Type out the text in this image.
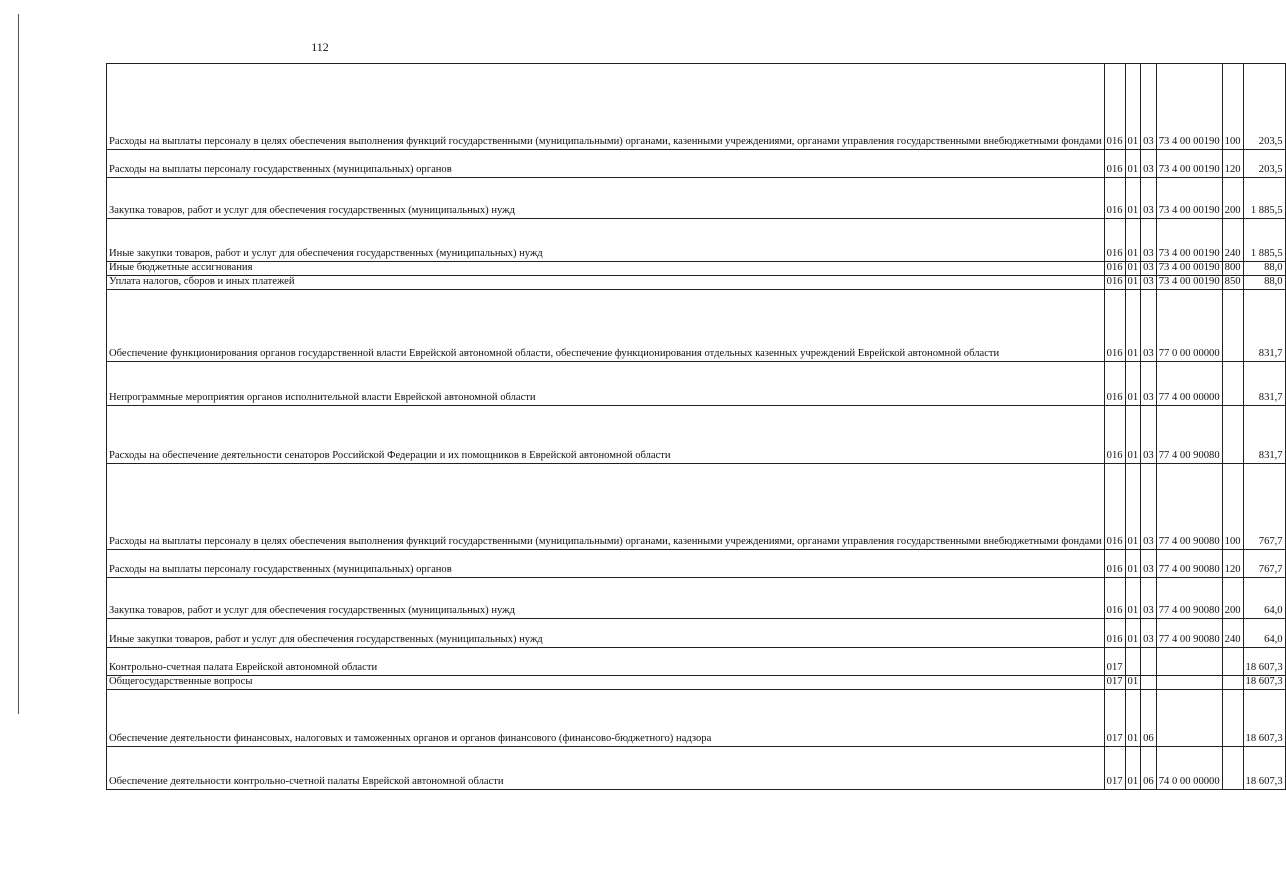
112
Расходы на выплаты персоналу в целях обеспечения выполнения функций государственными (муниципальными) органами, казенными учреждениями, органами управления государственными внебюджетными фондами	016	01	03	73 4 00 00190	100	203,5
Расходы на выплаты персоналу государственных (муниципальных) органов	016	01	03	73 4 00 00190	120	203,5
Закупка товаров, работ и услуг для обеспечения государственных (муниципальных) нужд	016	01	03	73 4 00 00190	200	1 885,5
Иные закупки товаров, работ и услуг для обеспечения государственных (муниципальных) нужд	016	01	03	73 4 00 00190	240	1 885,5
Иные бюджетные ассигнования	016	01	03	73 4 00 00190	800	88,0
Уплата налогов, сборов и иных платежей	016	01	03	73 4 00 00190	850	88,0
Обеспечение функционирования органов государственной власти Еврейской автономной области, обеспечение функционирования отдельных казенных учреждений Еврейской автономной области	016	01	03	77 0 00 00000		831,7
Непрограммные мероприятия органов исполнительной власти Еврейской автономной области	016	01	03	77 4 00 00000		831,7
Расходы на обеспечение деятельности сенаторов Российской Федерации и их помощников в Еврейской автономной области	016	01	03	77 4 00 90080		831,7
Расходы на выплаты персоналу в целях обеспечения выполнения функций государственными (муниципальными) органами, казенными учреждениями, органами управления государственными внебюджетными фондами	016	01	03	77 4 00 90080	100	767,7
Расходы на выплаты персоналу государственных (муниципальных) органов	016	01	03	77 4 00 90080	120	767,7
Закупка товаров, работ и услуг для обеспечения государственных (муниципальных) нужд	016	01	03	77 4 00 90080	200	64,0
Иные закупки товаров, работ и услуг для обеспечения государственных (муниципальных) нужд	016	01	03	77 4 00 90080	240	64,0
Контрольно-счетная палата Еврейской автономной области	017					18 607,3
Общегосударственные вопросы	017	01				18 607,3
Обеспечение деятельности финансовых, налоговых и таможенных органов и органов финансового (финансово-бюджетного) надзора	017	01	06			18 607,3
Обеспечение деятельности контрольно-счетной палаты Еврейской автономной области	017	01	06	74 0 00 00000		18 607,3
